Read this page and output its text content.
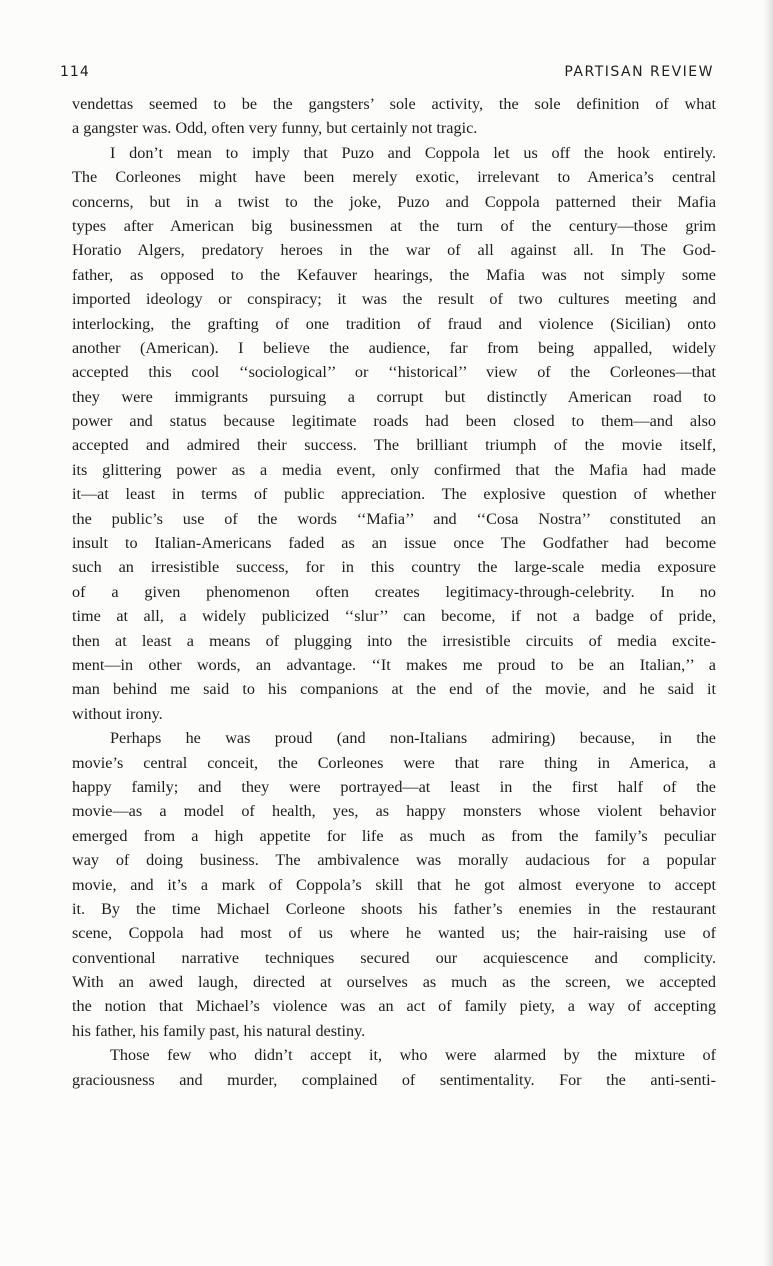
114	PARTISAN REVIEW
vendettas seemed to be the gangsters’ sole activity, the sole definition of what
a gangster was. Odd, often very funny, but certainly not tragic.
I don’t mean to imply that Puzo and Coppola let us off the hook entirely.
The Corleones might have been merely exotic, irrelevant to America’s central
concerns, but in a twist to the joke, Puzo and Coppola patterned their Mafia
types after American big businessmen at the turn of the century—those grim
Horatio Algers, predatory heroes in the war of all against all. In The God-
father, as opposed to the Kefauver hearings, the Mafia was not simply some
imported ideology or conspiracy; it was the result of two cultures meeting and
interlocking, the grafting of one tradition of fraud and violence (Sicilian) onto
another (American). I believe the audience, far from being appalled, widely
accepted this cool ‘‘sociological’’ or ‘‘historical’’ view of the Corleones—that
they were immigrants pursuing a corrupt but distinctly American road to
power and status because legitimate roads had been closed to them—and also
accepted and admired their success. The brilliant triumph of the movie itself,
its glittering power as a media event, only confirmed that the Mafia had made
it—at least in terms of public appreciation. The explosive question of whether
the public’s use of the words ‘‘Mafia’’ and ‘‘Cosa Nostra’’ constituted an
insult to Italian-Americans faded as an issue once The Godfather had become
such an irresistible success, for in this country the large-scale media exposure
of a given phenomenon often creates legitimacy-through-celebrity. In no
time at all, a widely publicized ‘‘slur’’ can become, if not a badge of pride,
then at least a means of plugging into the irresistible circuits of media excite-
ment—in other words, an advantage. ‘‘It makes me proud to be an Italian,’’ a
man behind me said to his companions at the end of the movie, and he said it
without irony.
Perhaps he was proud (and non-Italians admiring) because, in the
movie’s central conceit, the Corleones were that rare thing in America, a
happy family; and they were portrayed—at least in the first half of the
movie—as a model of health, yes, as happy monsters whose violent behavior
emerged from a high appetite for life as much as from the family’s peculiar
way of doing business. The ambivalence was morally audacious for a popular
movie, and it’s a mark of Coppola’s skill that he got almost everyone to accept
it. By the time Michael Corleone shoots his father’s enemies in the restaurant
scene, Coppola had most of us where he wanted us; the hair-raising use of
conventional narrative techniques secured our acquiescence and complicity.
With an awed laugh, directed at ourselves as much as the screen, we accepted
the notion that Michael’s violence was an act of family piety, a way of accepting
his father, his family past, his natural destiny.
Those few who didn’t accept it, who were alarmed by the mixture of
graciousness and murder, complained of sentimentality. For the anti-senti-
